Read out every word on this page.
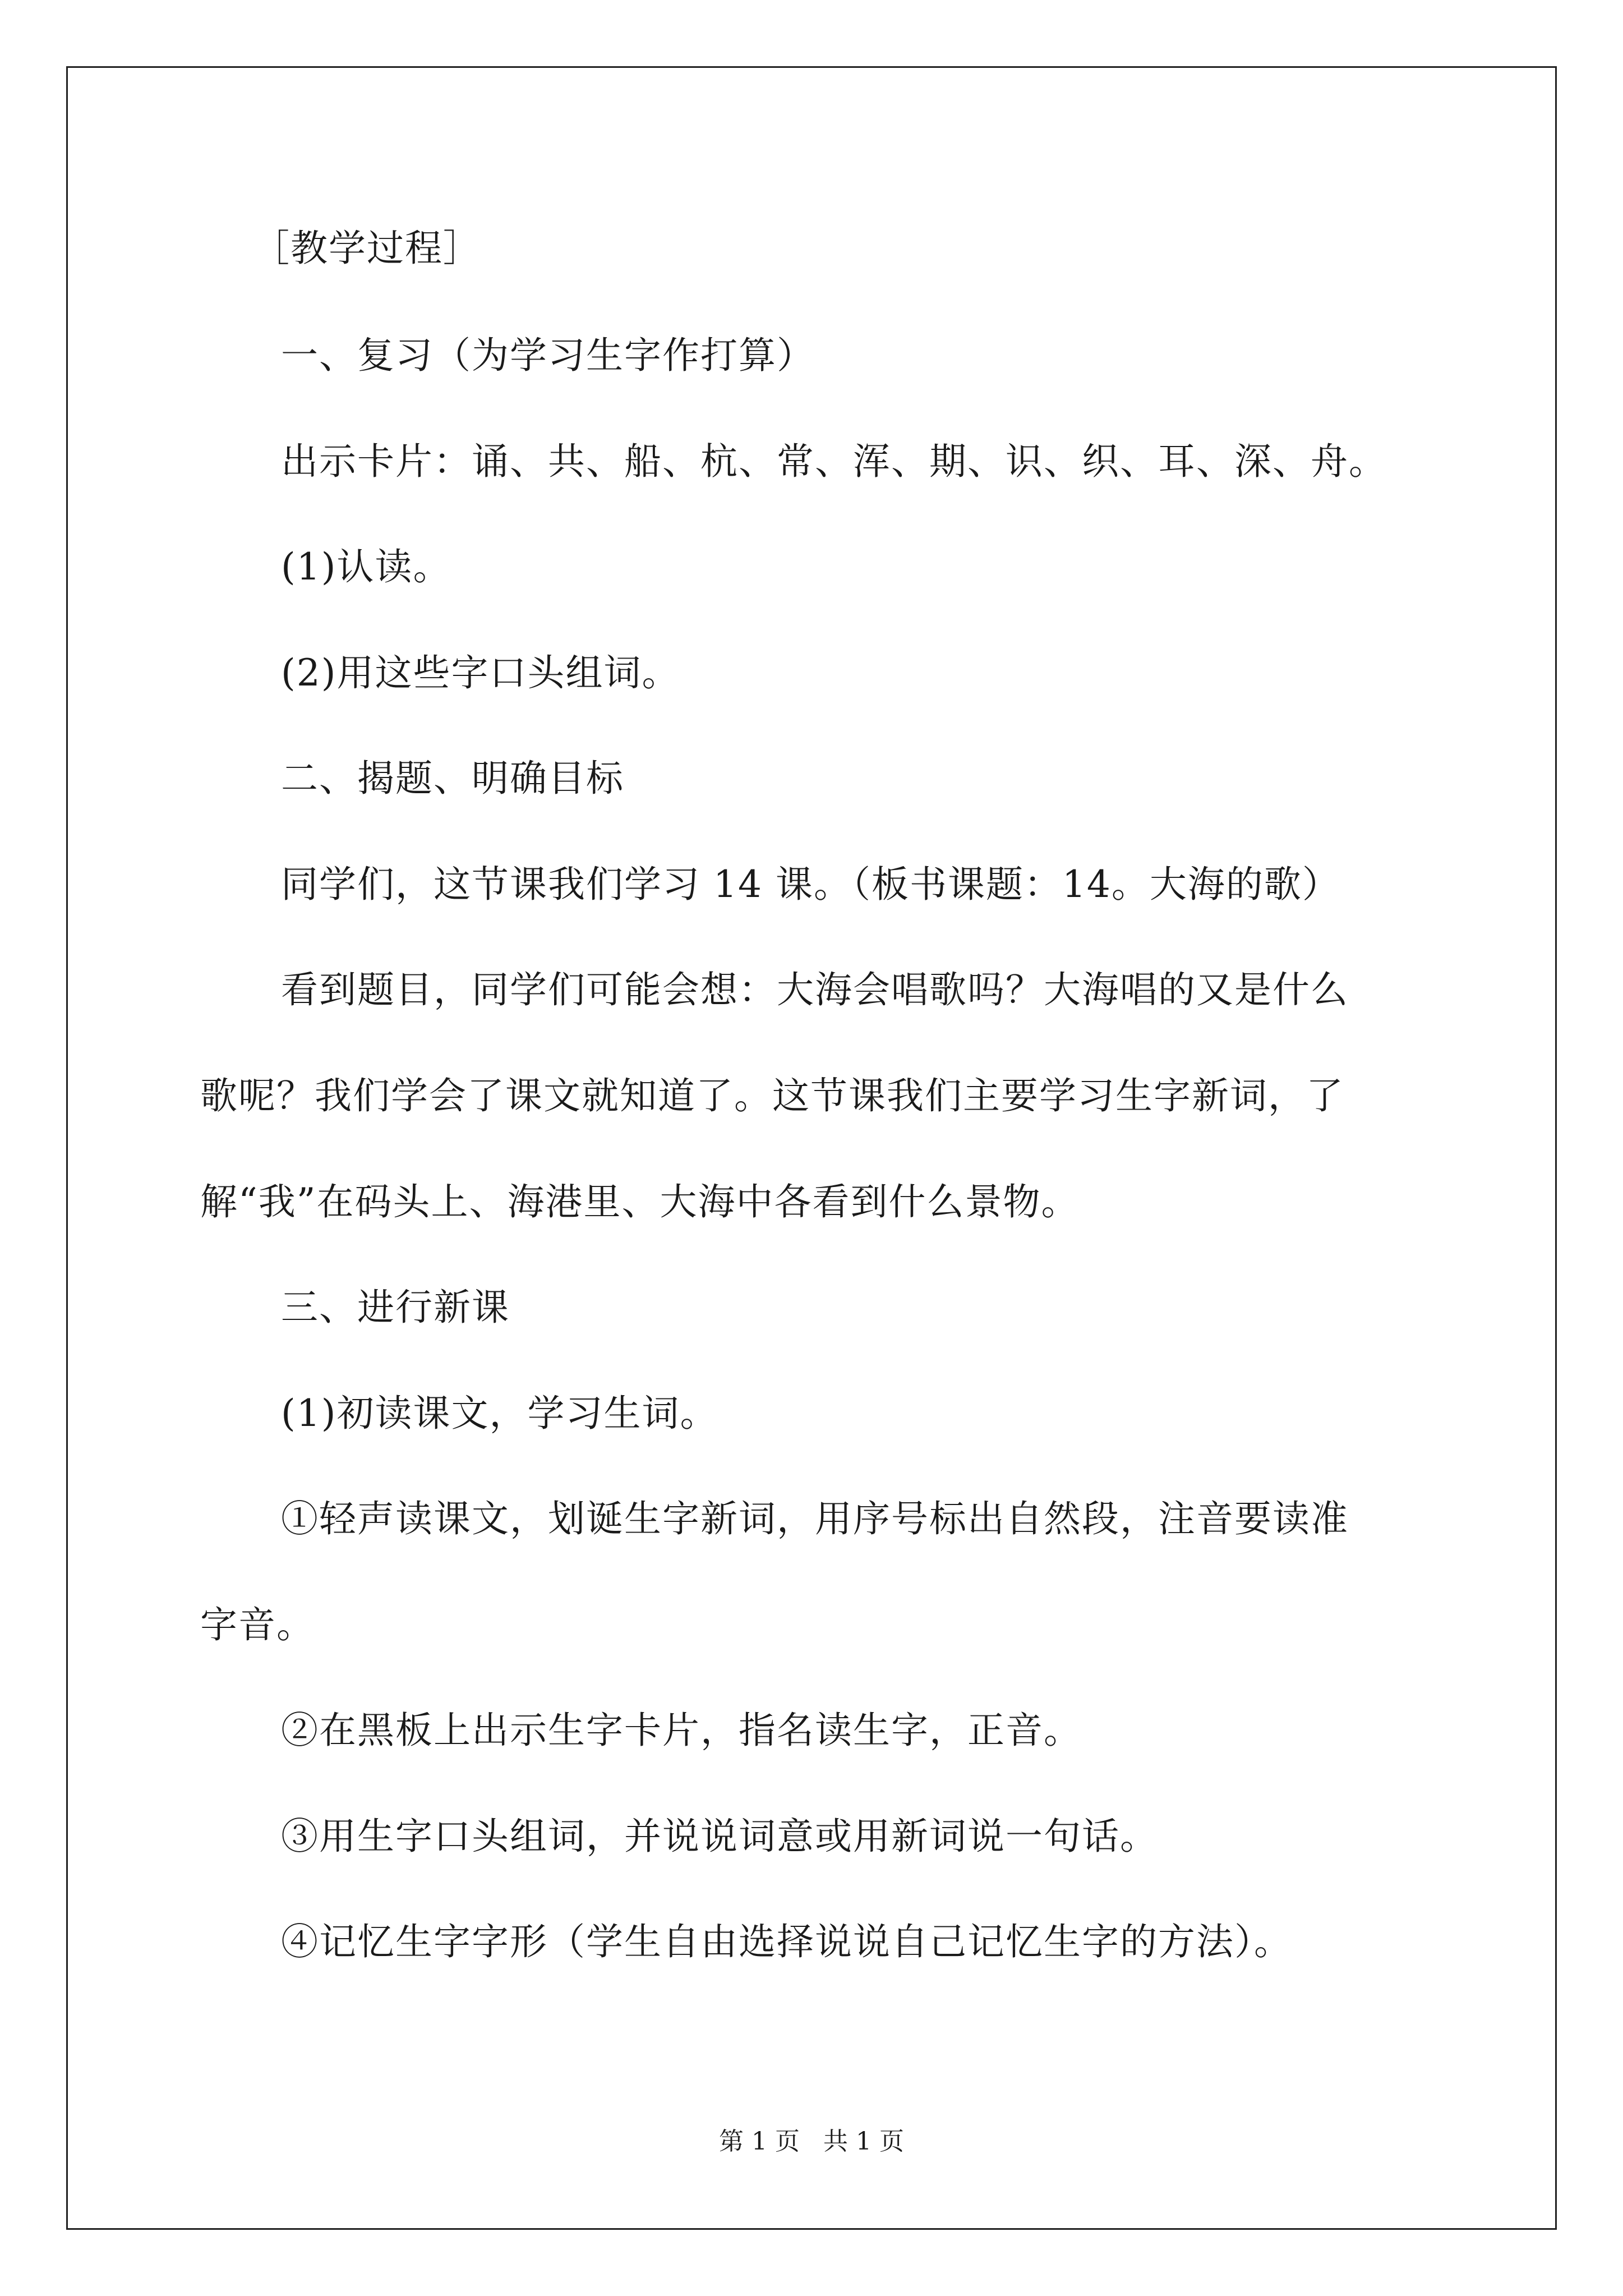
［教学过程］
一、复习（为学习生字作打算）
出示卡片：诵、共、船、杭、常、浑、期、识、织、耳、深、舟。
(1)认读。
(2)用这些字口头组词。
二、揭题、明确目标
同学们，这节课我们学习 14 课。（板书课题：14。大海的歌）
看到题目，同学们可能会想：大海会唱歌吗？大海唱的又是什么
歌呢？我们学会了课文就知道了。这节课我们主要学习生字新词，了
解“我”在码头上、海港里、大海中各看到什么景物。
三、进行新课
(1)初读课文，学习生词。
①轻声读课文，划诞生字新词，用序号标出自然段，注音要读准
字音。
②在黑板上出示生字卡片，指名读生字，正音。
③用生字口头组词，并说说词意或用新词说一句话。
④记忆生字字形（学生自由选择说说自己记忆生字的方法）。
第 1 页   共 1 页
